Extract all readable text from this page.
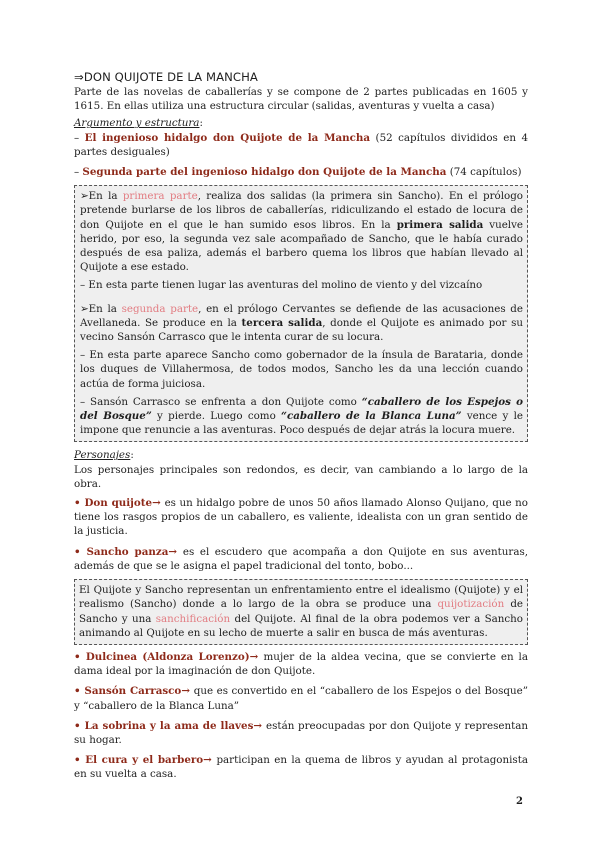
⇒DON QUIJOTE DE LA MANCHA

Parte de las novelas de caballerías y se compone de 2 partes publicadas en 1605 y 1615. En ellas utiliza una estructura circular (salidas, aventuras y vuelta a casa)

Argumento y estructura:

– El ingenioso hidalgo don Quijote de la Mancha (52 capítulos divididos en 4 partes desiguales)

– Segunda parte del ingenioso hidalgo don Quijote de la Mancha (74 capítulos)

➢En la primera parte, realiza dos salidas (la primera sin Sancho). En el prólogo pretende burlarse de los libros de caballerías, ridiculizando el estado de locura de don Quijote en el que le han sumido esos libros. En la primera salida vuelve herido, por eso, la segunda vez sale acompañado de Sancho, que le había curado después de esa paliza, además el barbero quema los libros que habían llevado al Quijote a ese estado.

– En esta parte tienen lugar las aventuras del molino de viento y del vizcaíno

➢En la segunda parte, en el prólogo Cervantes se defiende de las acusaciones de Avellaneda. Se produce en la tercera salida, donde el Quijote es animado por su vecino Sansón Carrasco que le intenta curar de su locura.

– En esta parte aparece Sancho como gobernador de la ínsula de Barataria, donde los duques de Villahermosa, de todos modos, Sancho les da una lección cuando actúa de forma juiciosa.

– Sansón Carrasco se enfrenta a don Quijote como “caballero de los Espejos o del Bosque” y pierde. Luego como “caballero de la Blanca Luna” vence y le impone que renuncie a las aventuras. Poco después de dejar atrás la locura muere.

Personajes:

Los personajes principales son redondos, es decir, van cambiando a lo largo de la obra.

• Don quijote→ es un hidalgo pobre de unos 50 años llamado Alonso Quijano, que no tiene los rasgos propios de un caballero, es valiente, idealista con un gran sentido de la justicia.

• Sancho panza→ es el escudero que acompaña a don Quijote en sus aventuras, además de que se le asigna el papel tradicional del tonto, bobo...

El Quijote y Sancho representan un enfrentamiento entre el idealismo (Quijote) y el realismo (Sancho) donde a lo largo de la obra se produce una quijotización de Sancho y una sanchificación del Quijote. Al final de la obra podemos ver a Sancho animando al Quijote en su lecho de muerte a salir en busca de más aventuras.

• Dulcinea (Aldonza Lorenzo)→ mujer de la aldea vecina, que se convierte en la dama ideal por la imaginación de don Quijote.

• Sansón Carrasco→ que es convertido en el “caballero de los Espejos o del Bosque” y “caballero de la Blanca Luna”

• La sobrina y la ama de llaves→ están preocupadas por don Quijote y representan su hogar.

• El cura y el barbero→ participan en la quema de libros y ayudan al protagonista en su vuelta a casa.

2
